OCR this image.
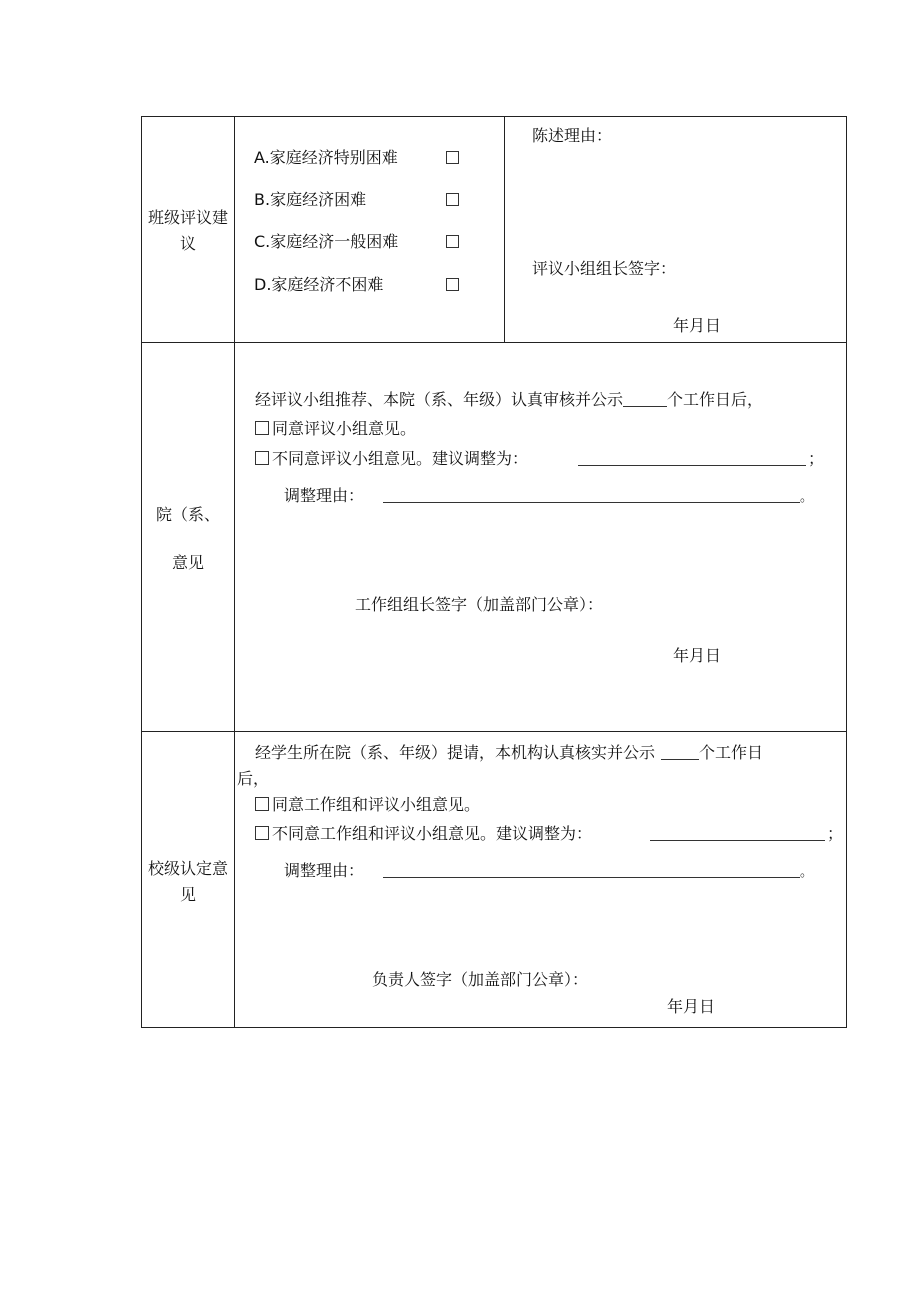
班级评议建议
A.家庭经济特别困难
B.家庭经济困难
C.家庭经济一般困难
D.家庭经济不困难
陈述理由：
评议小组组长签字：
年月日
院（系、
意见
经评议小组推荐、本院（系、年级）认真审核并公示	个工作日后，
同意评议小组意见。
不同意评议小组意见。建议调整为：	；
调整理由：	。
工作组组长签字（加盖部门公章）：
年月日
校级认定意见
经学生所在院（系、年级）提请，本机构认真核实并公示	个工作日
后，
同意工作组和评议小组意见。
不同意工作组和评议小组意见。建议调整为：	；
调整理由：	。
负责人签字（加盖部门公章）：
年月日
